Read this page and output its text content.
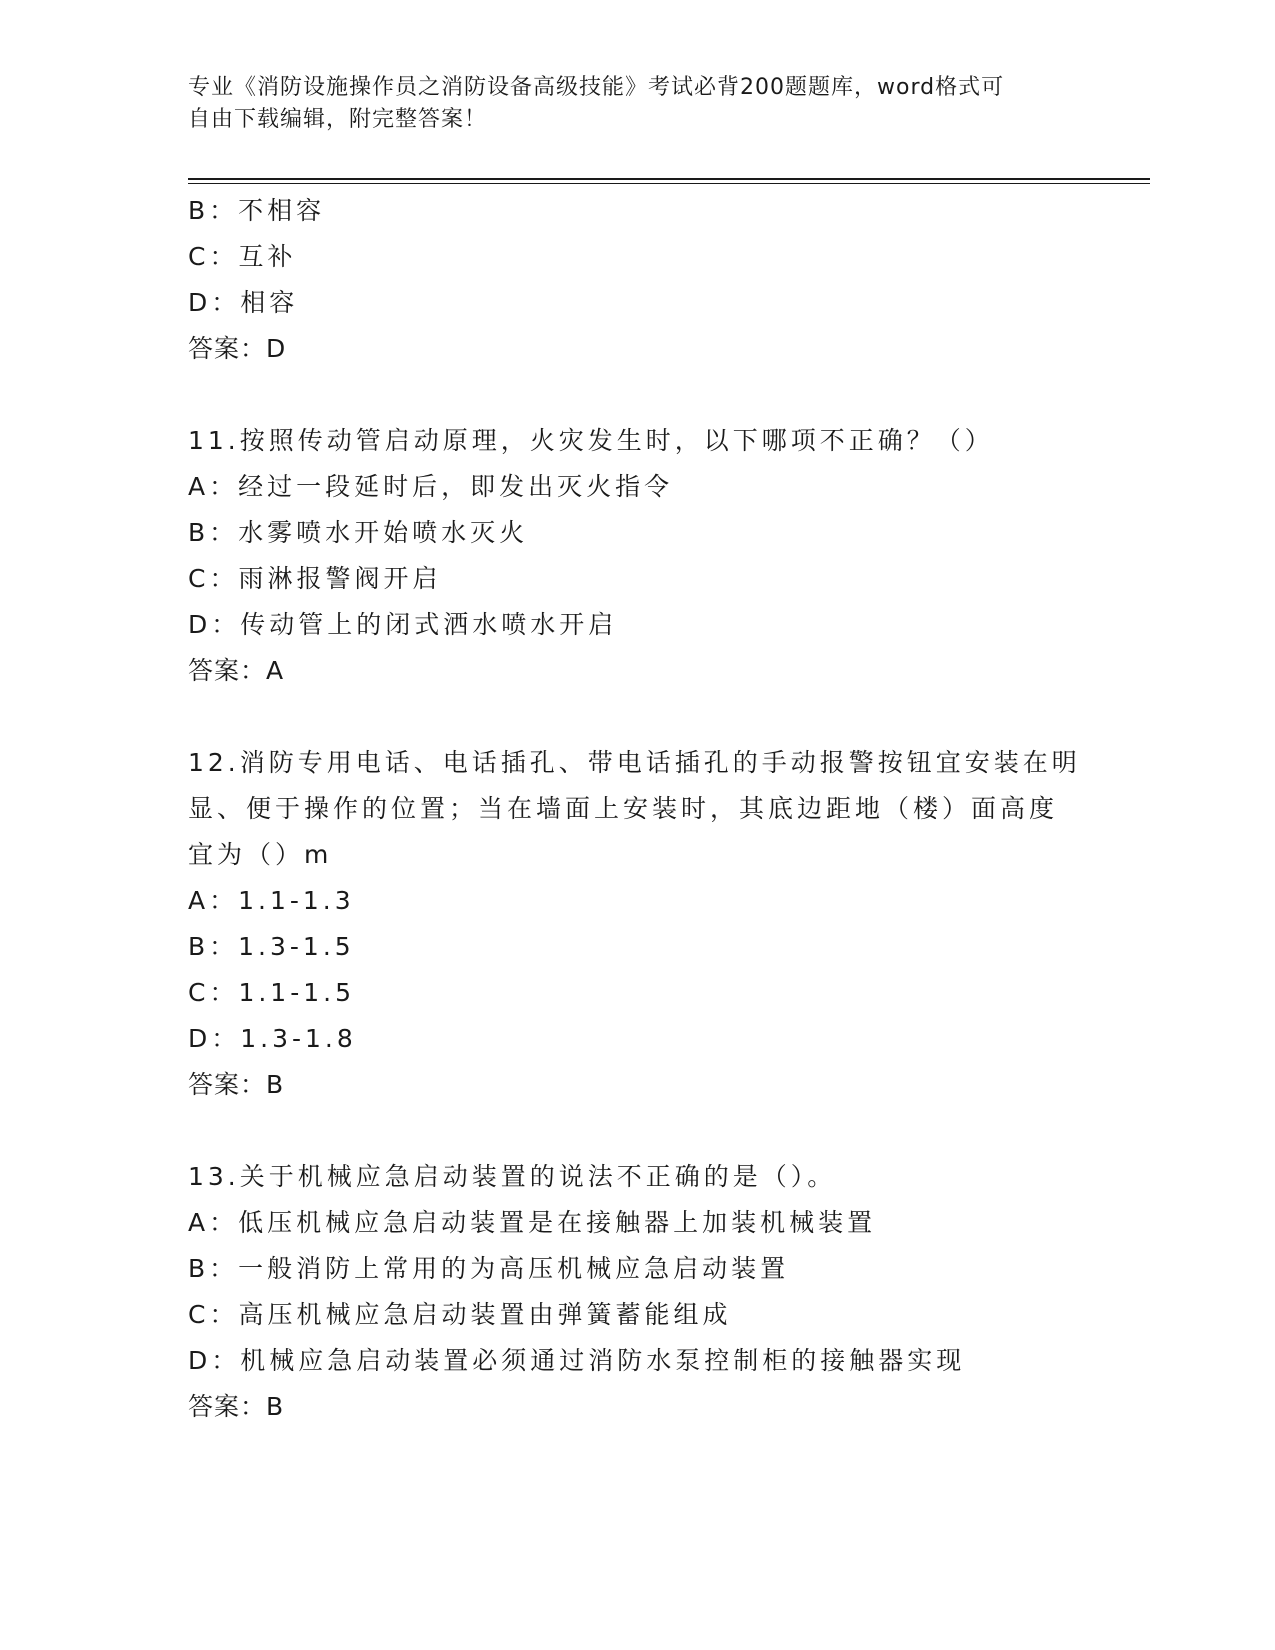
专业《消防设施操作员之消防设备高级技能》考试必背200题题库，word格式可
自由下载编辑，附完整答案！
B：不相容
C：互补
D：相容
答案：D
11.按照传动管启动原理，火灾发生时，以下哪项不正确？（）
A：经过一段延时后，即发出灭火指令
B：水雾喷水开始喷水灭火
C：雨淋报警阀开启
D：传动管上的闭式洒水喷水开启
答案：A
12.消防专用电话、电话插孔、带电话插孔的手动报警按钮宜安装在明
显、便于操作的位置；当在墙面上安装时，其底边距地（楼）面高度
宜为（）m
A：1.1-1.3
B：1.3-1.5
C：1.1-1.5
D：1.3-1.8
答案：B
13.关于机械应急启动装置的说法不正确的是（）。
A：低压机械应急启动装置是在接触器上加装机械装置
B：一般消防上常用的为高压机械应急启动装置
C：高压机械应急启动装置由弹簧蓄能组成
D：机械应急启动装置必须通过消防水泵控制柜的接触器实现
答案：B
